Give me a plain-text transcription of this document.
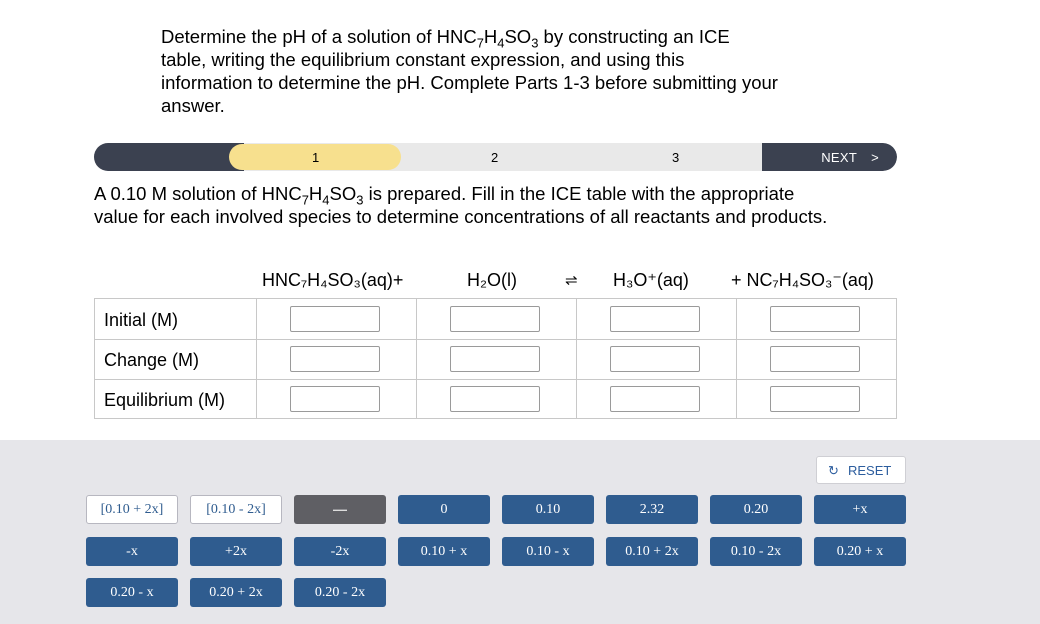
Determine the pH of a solution of $HNC_7H_4SO_3$ by constructing an ICE
table, writing the equilibrium constant expression, and using this
information to determine the pH. Complete Parts 1-3 before submitting your
answer.
1	2	3	NEXT >
A 0.10 M solution of $HNC_7H_4SO_3$ is prepared. Fill in the ICE table with the appropriate
value for each involved species to determine concentrations of all reactants and products.
HNC₇H₄SO₃(aq)+	H₂O(l)	⇌ H₃O⁺(aq) + NC₇H₄SO₃⁻(aq)
Initial (M)
Change (M)
Equilibrium (M)
↻ RESET
[0.10 + 2x]	[0.10 - 2x]	—	0	0.10	2.32	0.20	+x
-x	+2x	-2x	0.10 + x	0.10 - x	0.10 + 2x	0.10 - 2x	0.20 + x
0.20 - x	0.20 + 2x	0.20 - 2x
